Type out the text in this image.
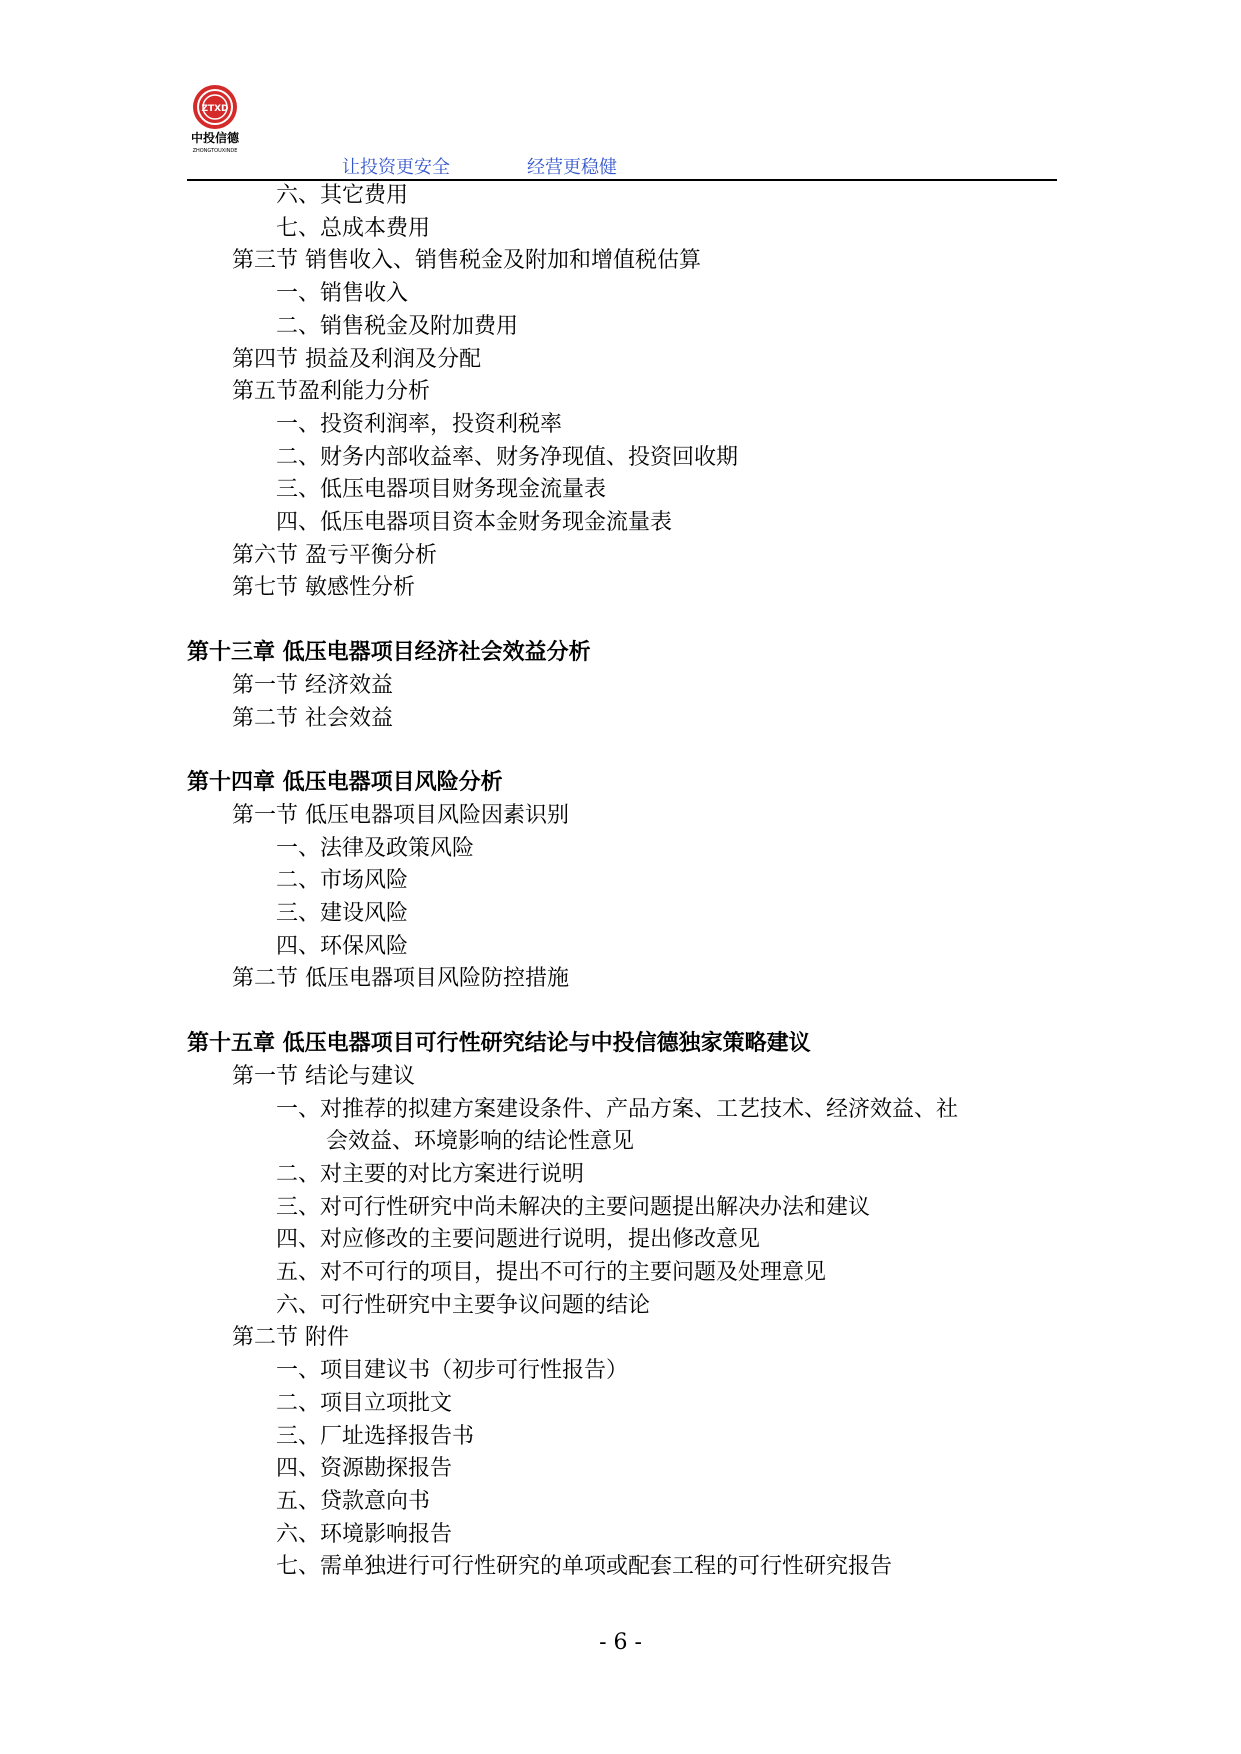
ZTXD
中投信德
ZHONGTOUXINDE
让投资更安全	经营更稳健
六、其它费用
七、总成本费用
第三节 销售收入、销售税金及附加和增值税估算
一、销售收入
二、销售税金及附加费用
第四节 损益及利润及分配
第五节盈利能力分析
一、投资利润率，投资利税率
二、财务内部收益率、财务净现值、投资回收期
三、低压电器项目财务现金流量表
四、低压电器项目资本金财务现金流量表
第六节 盈亏平衡分析
第七节 敏感性分析
第十三章 低压电器项目经济社会效益分析
第一节 经济效益
第二节 社会效益
第十四章 低压电器项目风险分析
第一节 低压电器项目风险因素识别
一、法律及政策风险
二、市场风险
三、建设风险
四、环保风险
第二节 低压电器项目风险防控措施
第十五章 低压电器项目可行性研究结论与中投信德独家策略建议
第一节 结论与建议
一、对推荐的拟建方案建设条件、产品方案、工艺技术、经济效益、社
会效益、环境影响的结论性意见
二、对主要的对比方案进行说明
三、对可行性研究中尚未解决的主要问题提出解决办法和建议
四、对应修改的主要问题进行说明，提出修改意见
五、对不可行的项目，提出不可行的主要问题及处理意见
六、可行性研究中主要争议问题的结论
第二节 附件
一、项目建议书（初步可行性报告）
二、项目立项批文
三、厂址选择报告书
四、资源勘探报告
五、贷款意向书
六、环境影响报告
七、需单独进行可行性研究的单项或配套工程的可行性研究报告
- 6 -
